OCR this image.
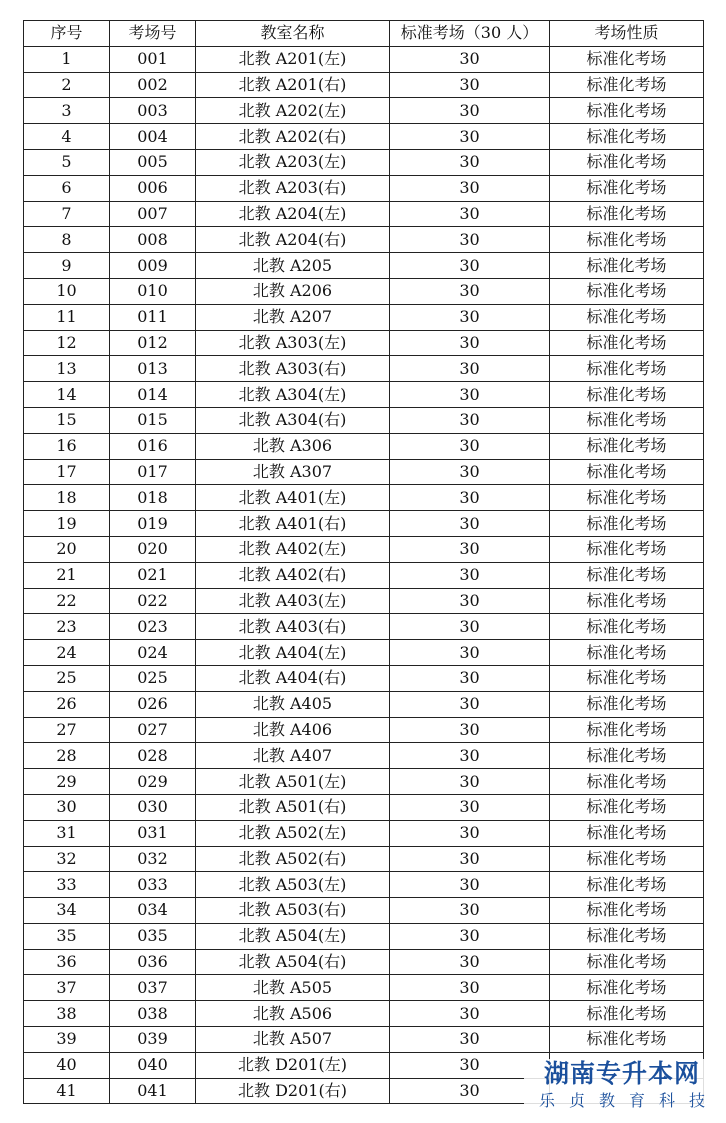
序号	考场号	教室名称	标准考场（30 人）	考场性质
1	001	北教 A201(左)	30	标准化考场
2	002	北教 A201(右)	30	标准化考场
3	003	北教 A202(左)	30	标准化考场
4	004	北教 A202(右)	30	标准化考场
5	005	北教 A203(左)	30	标准化考场
6	006	北教 A203(右)	30	标准化考场
7	007	北教 A204(左)	30	标准化考场
8	008	北教 A204(右)	30	标准化考场
9	009	北教 A205	30	标准化考场
10	010	北教 A206	30	标准化考场
11	011	北教 A207	30	标准化考场
12	012	北教 A303(左)	30	标准化考场
13	013	北教 A303(右)	30	标准化考场
14	014	北教 A304(左)	30	标准化考场
15	015	北教 A304(右)	30	标准化考场
16	016	北教 A306	30	标准化考场
17	017	北教 A307	30	标准化考场
18	018	北教 A401(左)	30	标准化考场
19	019	北教 A401(右)	30	标准化考场
20	020	北教 A402(左)	30	标准化考场
21	021	北教 A402(右)	30	标准化考场
22	022	北教 A403(左)	30	标准化考场
23	023	北教 A403(右)	30	标准化考场
24	024	北教 A404(左)	30	标准化考场
25	025	北教 A404(右)	30	标准化考场
26	026	北教 A405	30	标准化考场
27	027	北教 A406	30	标准化考场
28	028	北教 A407	30	标准化考场
29	029	北教 A501(左)	30	标准化考场
30	030	北教 A501(右)	30	标准化考场
31	031	北教 A502(左)	30	标准化考场
32	032	北教 A502(右)	30	标准化考场
33	033	北教 A503(左)	30	标准化考场
34	034	北教 A503(右)	30	标准化考场
35	035	北教 A504(左)	30	标准化考场
36	036	北教 A504(右)	30	标准化考场
37	037	北教 A505	30	标准化考场
38	038	北教 A506	30	标准化考场
39	039	北教 A507	30	标准化考场
40	040	北教 D201(左)	30	
41	041	北教 D201(右)	30	
湖南专升本网
乐贞教育科技
